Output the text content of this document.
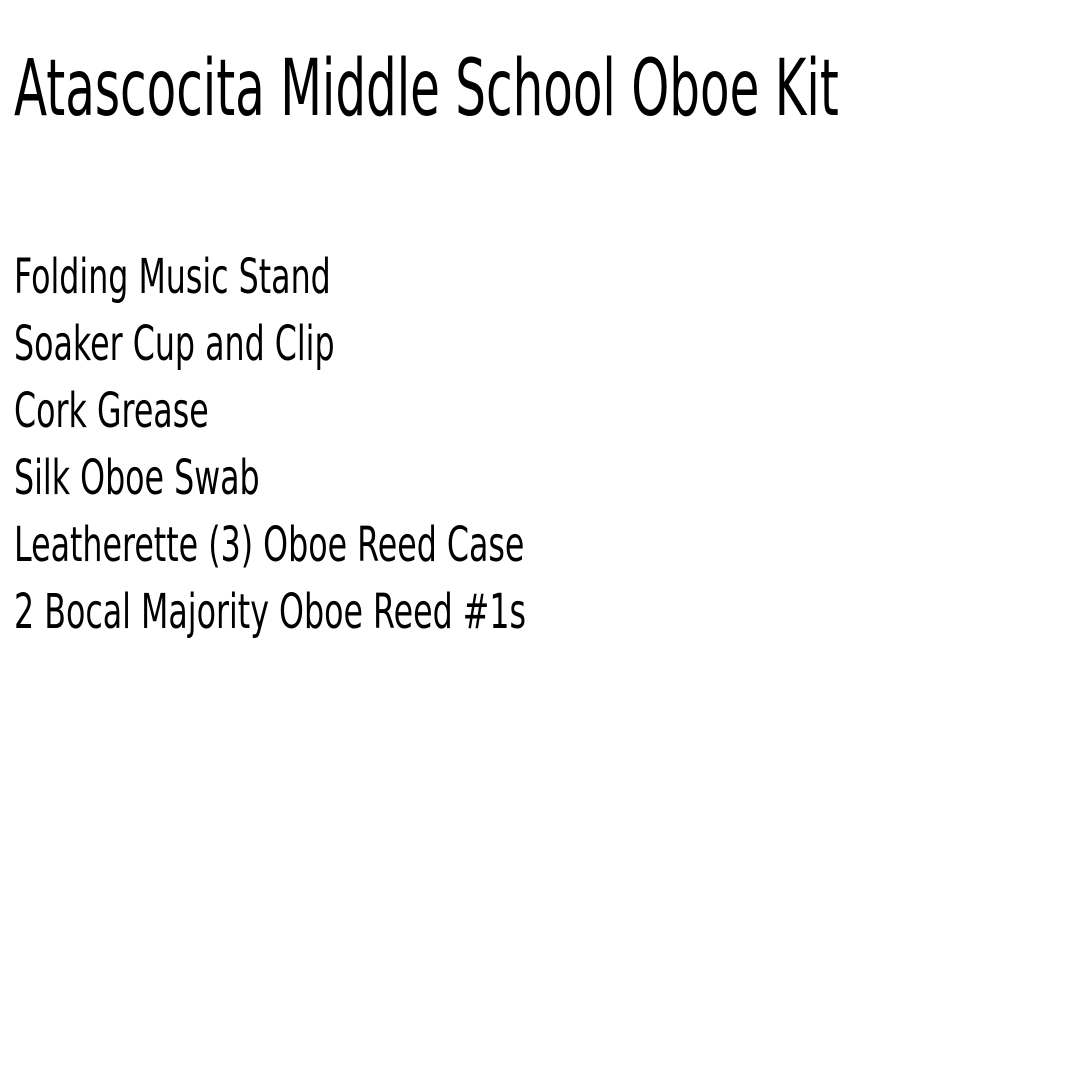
Atascocita Middle School Oboe Kit
Folding Music Stand
Soaker Cup and Clip
Cork Grease
Silk Oboe Swab
Leatherette (3) Oboe Reed Case
2 Bocal Majority Oboe Reed #1s
